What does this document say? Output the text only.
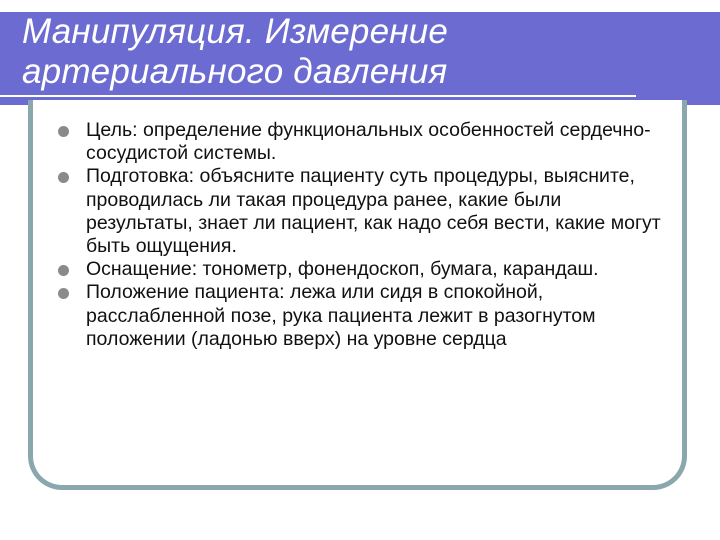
Манипуляция. Измерение
артериального давления
Цель: определение функциональных особенностей сердечно-сосудистой системы.
Подготовка: объясните пациенту суть процедуры, выясните, проводилась ли такая процедура ранее, какие были результаты, знает ли пациент, как надо себя вести, какие могут быть ощущения.
Оснащение: тонометр, фонендоскоп, бумага, карандаш.
Положение пациента: лежа или сидя в спокойной, расслабленной позе, рука пациента лежит в разогнутом положении (ладонью вверх) на уровне сердца
